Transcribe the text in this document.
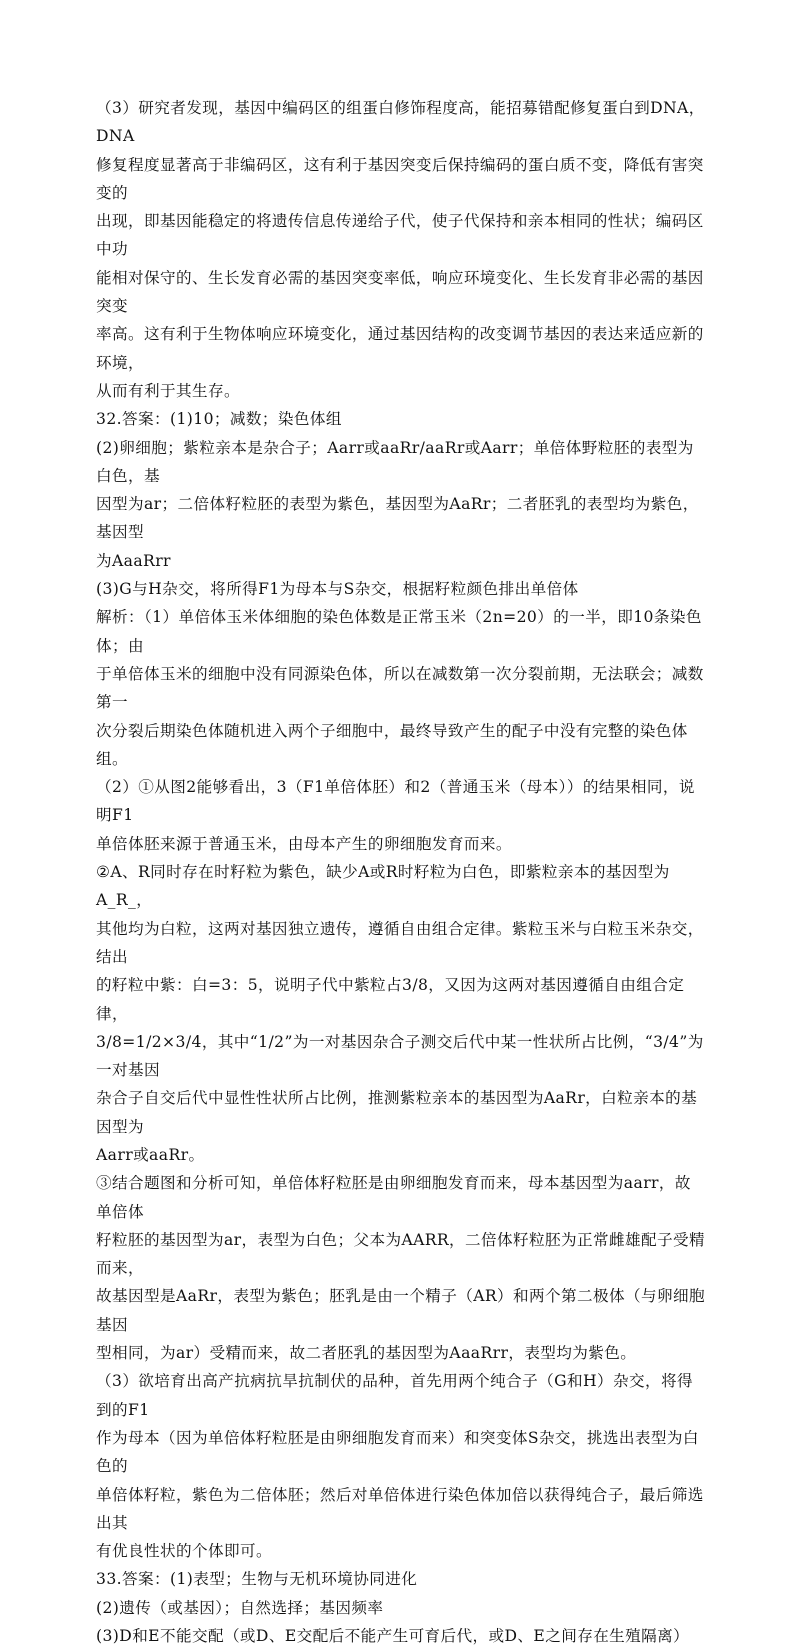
（3）研究者发现，基因中编码区的组蛋白修饰程度高，能招募错配修复蛋白到DNA，DNA

修复程度显著高于非编码区，这有利于基因突变后保持编码的蛋白质不变，降低有害突变的

出现，即基因能稳定的将遗传信息传递给子代，使子代保持和亲本相同的性状；编码区中功

能相对保守的、生长发育必需的基因突变率低，响应环境变化、生长发育非必需的基因突变

率高。这有利于生物体响应环境变化，通过基因结构的改变调节基因的表达来适应新的环境，

从而有利于其生存。

32.答案：(1)10；减数；染色体组

(2)卵细胞；紫粒亲本是杂合子；Aarr或aaRr/aaRr或Aarr；单倍体野粒胚的表型为白色，基

因型为ar；二倍体籽粒胚的表型为紫色，基因型为AaRr；二者胚乳的表型均为紫色，基因型

为AaaRrr

(3)G与H杂交，将所得F1为母本与S杂交，根据籽粒颜色排出单倍体

解析：（1）单倍体玉米体细胞的染色体数是正常玉米（2n=20）的一半，即10条染色体；由

于单倍体玉米的细胞中没有同源染色体，所以在减数第一次分裂前期，无法联会；减数第一

次分裂后期染色体随机进入两个子细胞中，最终导致产生的配子中没有完整的染色体组。

（2）①从图2能够看出，3（F1单倍体胚）和2（普通玉米（母本））的结果相同，说明F1

单倍体胚来源于普通玉米，由母本产生的卵细胞发育而来。

②A、R同时存在时籽粒为紫色，缺少A或R时籽粒为白色，即紫粒亲本的基因型为A_R_，

其他均为白粒，这两对基因独立遗传，遵循自由组合定律。紫粒玉米与白粒玉米杂交，结出

的籽粒中紫：白=3：5，说明子代中紫粒占3/8，又因为这两对基因遵循自由组合定律，

3/8=1/2×3/4，其中“1/2”为一对基因杂合子测交后代中某一性状所占比例，“3/4”为一对基因

杂合子自交后代中显性性状所占比例，推测紫粒亲本的基因型为AaRr，白粒亲本的基因型为

Aarr或aaRr。

③结合题图和分析可知，单倍体籽粒胚是由卵细胞发育而来，母本基因型为aarr，故单倍体

籽粒胚的基因型为ar，表型为白色；父本为AARR，二倍体籽粒胚为正常雌雄配子受精而来，

故基因型是AaRr，表型为紫色；胚乳是由一个精子（AR）和两个第二极体（与卵细胞基因

型相同，为ar）受精而来，故二者胚乳的基因型为AaaRrr，表型均为紫色。

（3）欲培育出高产抗病抗旱抗制伏的品种，首先用两个纯合子（G和H）杂交，将得到的F1

作为母本（因为单倍体籽粒胚是由卵细胞发育而来）和突变体S杂交，挑选出表型为白色的

单倍体籽粒，紫色为二倍体胚；然后对单倍体进行染色体加倍以获得纯合子，最后筛选出其

有优良性状的个体即可。

33.答案：(1)表型；生物与无机环境协同进化

(2)遗传（或基因）；自然选择；基因频率

(3)D和E不能交配（或D、E交配后不能产生可育后代，或D、E之间存在生殖隔离）
